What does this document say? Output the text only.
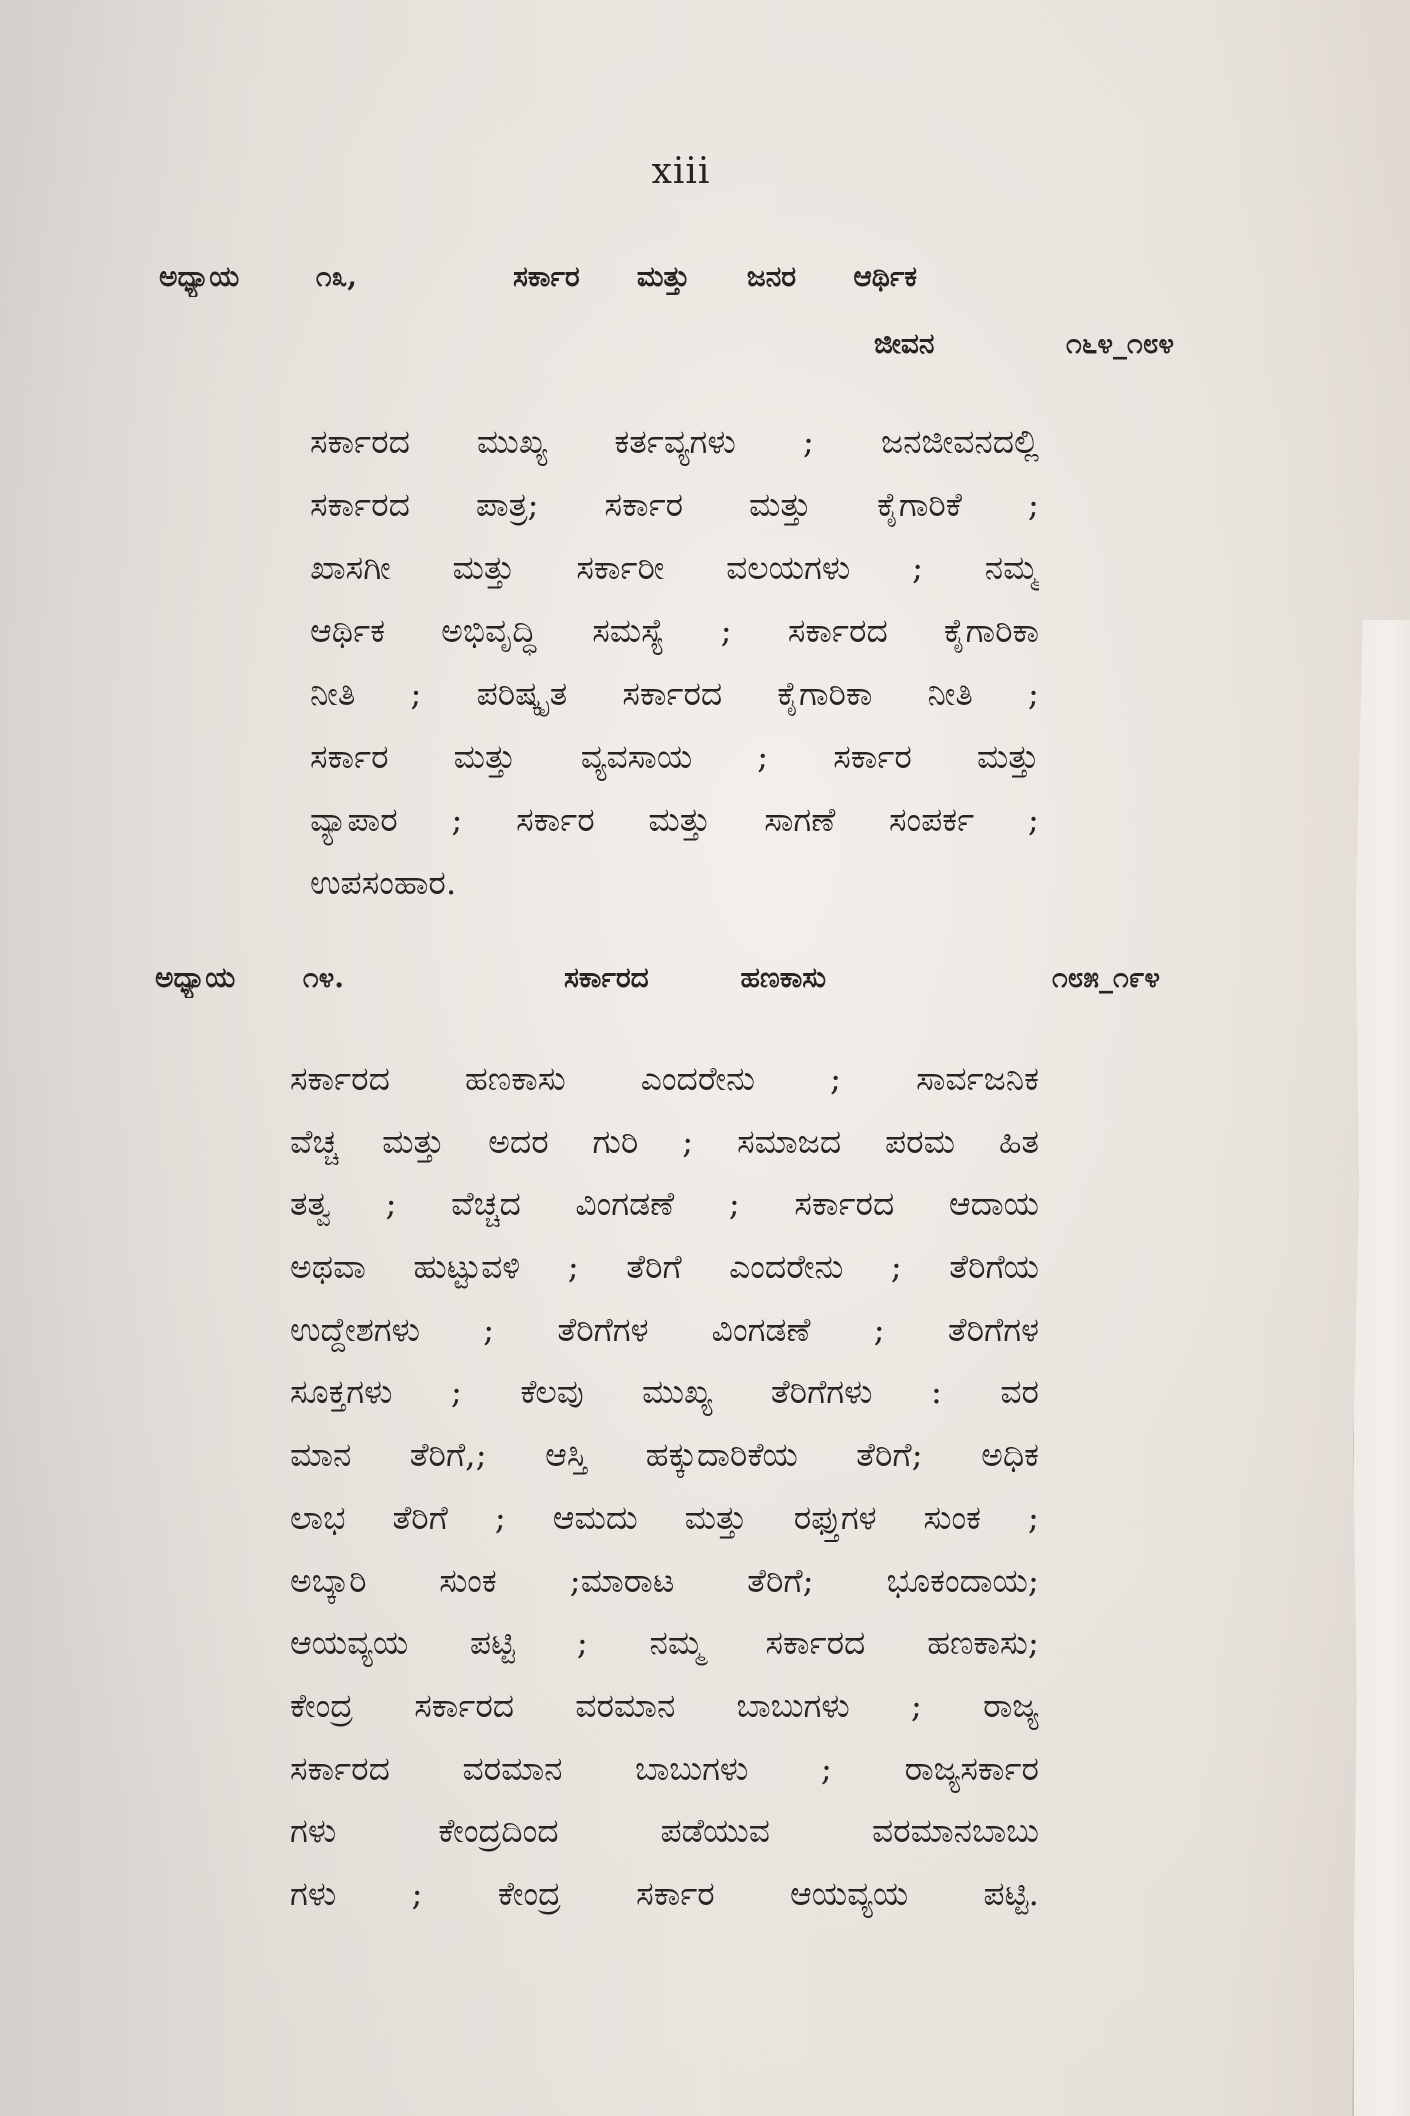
xiii
ಅಧ್ಯಾಯ ೧೩,	ಸರ್ಕಾರ ಮತ್ತು ಜನರ ಆರ್ಥಿಕ
ಜೀವನ	೧೬೪_೧೮೪
ಸರ್ಕಾರದ ಮುಖ್ಯ ಕರ್ತವ್ಯಗಳು ; ಜನಜೀವನದಲ್ಲಿ
ಸರ್ಕಾರದ ಪಾತ್ರ; ಸರ್ಕಾರ ಮತ್ತು ಕೈಗಾರಿಕೆ ;
ಖಾಸಗೀ ಮತ್ತು ಸರ್ಕಾರೀ ವಲಯಗಳು ; ನಮ್ಮ
ಆರ್ಥಿಕ ಅಭಿವೃದ್ಧಿ ಸಮಸ್ಯೆ ; ಸರ್ಕಾರದ ಕೈಗಾರಿಕಾ
ನೀತಿ ; ಪರಿಷ್ಕೃತ ಸರ್ಕಾರದ ಕೈಗಾರಿಕಾ ನೀತಿ ;
ಸರ್ಕಾರ ಮತ್ತು ವ್ಯವಸಾಯ ; ಸರ್ಕಾರ ಮತ್ತು
ವ್ಯಾಪಾರ ; ಸರ್ಕಾರ ಮತ್ತು ಸಾಗಣೆ ಸಂಪರ್ಕ ;
ಉಪಸಂಹಾರ.
ಅಧ್ಯಾಯ ೧೪.	ಸರ್ಕಾರದ ಹಣಕಾಸು	೧೮೫_೧೯೪
ಸರ್ಕಾರದ ಹಣಕಾಸು ಎಂದರೇನು ; ಸಾರ್ವಜನಿಕ
ವೆಚ್ಚ ಮತ್ತು ಅದರ ಗುರಿ ; ಸಮಾಜದ ಪರಮ ಹಿತ
ತತ್ವ ; ವೆಚ್ಚದ ವಿಂಗಡಣೆ ; ಸರ್ಕಾರದ ಆದಾಯ
ಅಥವಾ ಹುಟ್ಟುವಳಿ ; ತೆರಿಗೆ ಎಂದರೇನು ; ತೆರಿಗೆಯ
ಉದ್ದೇಶಗಳು ; ತೆರಿಗೆಗಳ ವಿಂಗಡಣೆ ; ತೆರಿಗೆಗಳ
ಸೂಕ್ತಗಳು ; ಕೆಲವು ಮುಖ್ಯ ತೆರಿಗೆಗಳು : ವರ
ಮಾನ ತೆರಿಗೆ,; ಆಸ್ತಿ ಹಕ್ಕುದಾರಿಕೆಯ ತೆರಿಗೆ; ಅಧಿಕ
ಲಾಭ ತೆರಿಗೆ ; ಆಮದು ಮತ್ತು ರಫ್ತುಗಳ ಸುಂಕ ;
ಅಬ್ಕಾರಿ ಸುಂಕ ;ಮಾರಾಟ ತೆರಿಗೆ; ಭೂಕಂದಾಯ;
ಆಯವ್ಯಯ ಪಟ್ಟಿ ; ನಮ್ಮ ಸರ್ಕಾರದ ಹಣಕಾಸು;
ಕೇಂದ್ರ ಸರ್ಕಾರದ ವರಮಾನ ಬಾಬುಗಳು ; ರಾಜ್ಯ
ಸರ್ಕಾರದ ವರಮಾನ ಬಾಬುಗಳು ; ರಾಜ್ಯಸರ್ಕಾರ
ಗಳು ಕೇಂದ್ರದಿಂದ ಪಡೆಯುವ ವರಮಾನಬಾಬು
ಗಳು ; ಕೇಂದ್ರ ಸರ್ಕಾರ ಆಯವ್ಯಯ ಪಟ್ಟಿ.
